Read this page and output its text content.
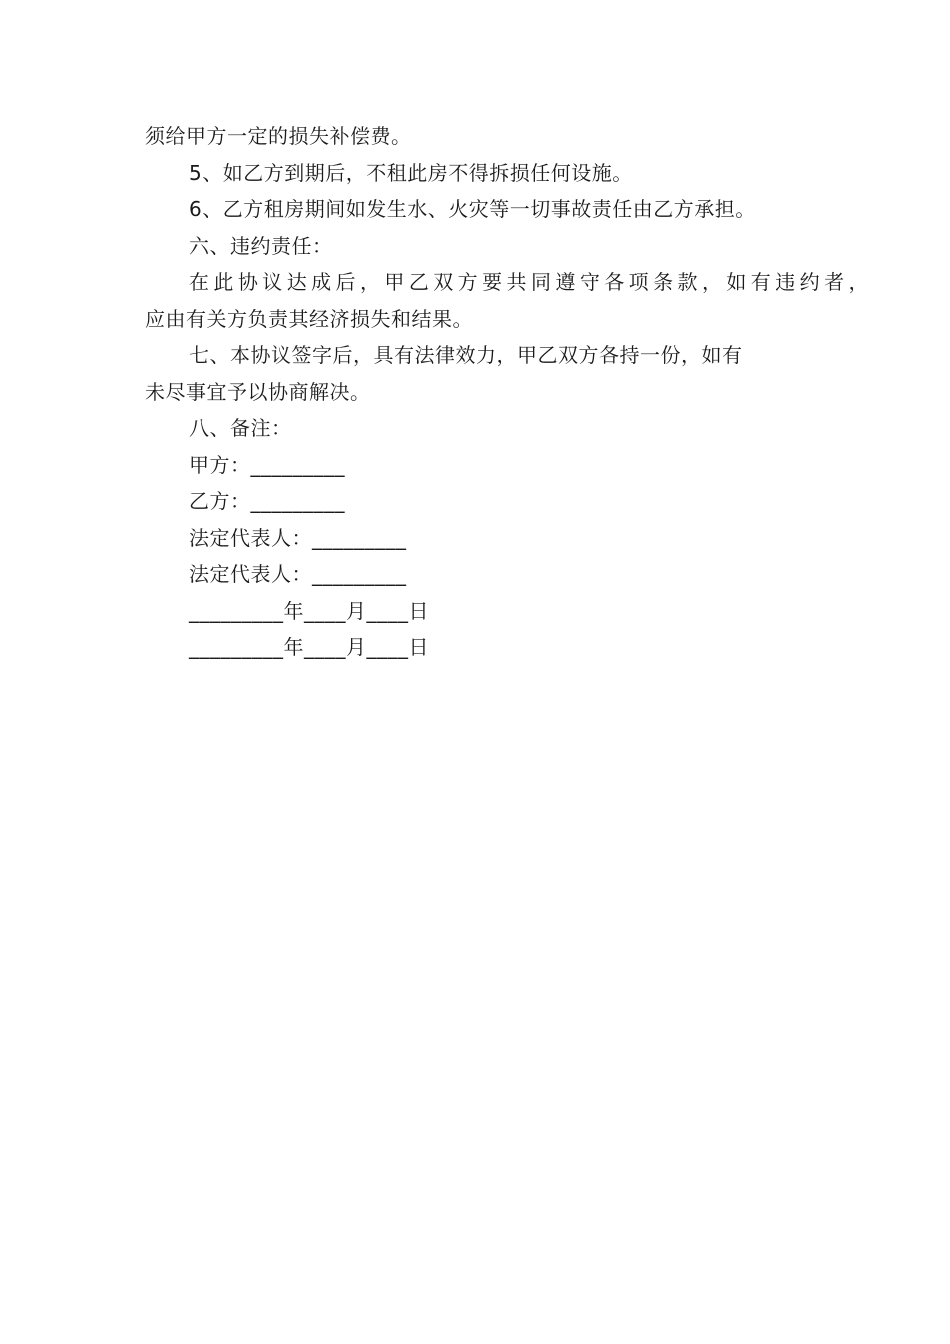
须给甲方一定的损失补偿费。
5、如乙方到期后，不租此房不得拆损任何设施。
6、乙方租房期间如发生水、火灾等一切事故责任由乙方承担。
六、违约责任：
在此协议达成后，甲乙双方要共同遵守各项条款，如有违约者，
应由有关方负责其经济损失和结果。
七、本协议签字后，具有法律效力，甲乙双方各持一份，如有
未尽事宜予以协商解决。
八、备注：
甲方：_________
乙方：_________
法定代表人：_________
法定代表人：_________
_________年____月____日
_________年____月____日
